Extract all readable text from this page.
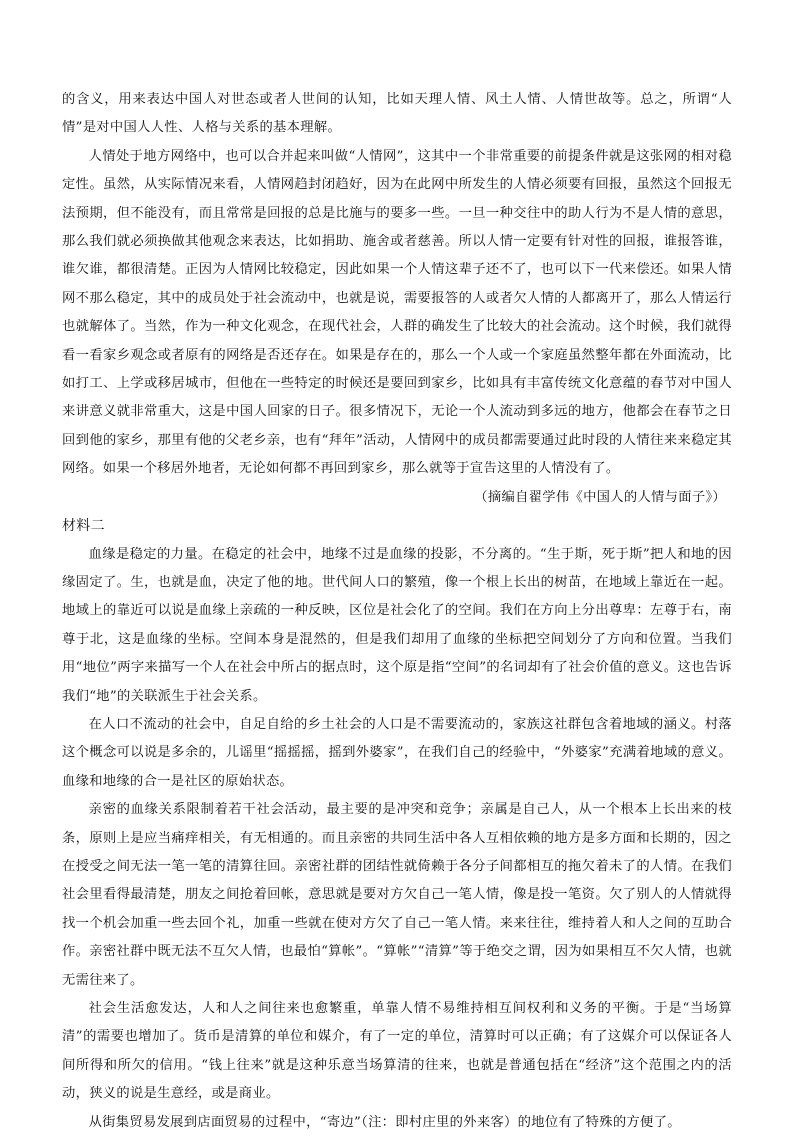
的含义，用来表达中国人对世态或者人世间的认知，比如天理人情、风土人情、人情世故等。总之，所谓“人情”是对中国人人性、人格与关系的基本理解。

人情处于地方网络中，也可以合并起来叫做“人情网”，这其中一个非常重要的前提条件就是这张网的相对稳定性。虽然，从实际情况来看，人情网趋封闭趋好，因为在此网中所发生的人情必须要有回报，虽然这个回报无法预期，但不能没有，而且常常是回报的总是比施与的要多一些。一旦一种交往中的助人行为不是人情的意思，那么我们就必须换做其他观念来表达，比如捐助、施舍或者慈善。所以人情一定要有针对性的回报，谁报答谁，谁欠谁，都很清楚。正因为人情网比较稳定，因此如果一个人情这辈子还不了，也可以下一代来偿还。如果人情网不那么稳定，其中的成员处于社会流动中，也就是说，需要报答的人或者欠人情的人都离开了，那么人情运行也就解体了。当然，作为一种文化观念，在现代社会，人群的确发生了比较大的社会流动。这个时候，我们就得看一看家乡观念或者原有的网络是否还存在。如果是存在的，那么一个人或一个家庭虽然整年都在外面流动，比如打工、上学或移居城市，但他在一些特定的时候还是要回到家乡，比如具有丰富传统文化意蕴的春节对中国人来讲意义就非常重大，这是中国人回家的日子。很多情况下，无论一个人流动到多远的地方，他都会在春节之日回到他的家乡，那里有他的父老乡亲，也有“拜年”活动，人情网中的成员都需要通过此时段的人情往来来稳定其网络。如果一个移居外地者，无论如何都不再回到家乡，那么就等于宣告这里的人情没有了。

（摘编自翟学伟《中国人的人情与面子》）

材料二

血缘是稳定的力量。在稳定的社会中，地缘不过是血缘的投影，不分离的。“生于斯，死于斯”把人和地的因缘固定了。生，也就是血，决定了他的地。世代间人口的繁殖，像一个根上长出的树苗，在地域上靠近在一起。地域上的靠近可以说是血缘上亲疏的一种反映，区位是社会化了的空间。我们在方向上分出尊卑：左尊于右，南尊于北，这是血缘的坐标。空间本身是混然的，但是我们却用了血缘的坐标把空间划分了方向和位置。当我们用“地位”两字来描写一个人在社会中所占的据点时，这个原是指“空间”的名词却有了社会价值的意义。这也告诉我们“地”的关联派生于社会关系。

在人口不流动的社会中，自足自给的乡土社会的人口是不需要流动的，家族这社群包含着地域的涵义。村落这个概念可以说是多余的，儿谣里“摇摇摇，摇到外婆家”，在我们自己的经验中，“外婆家”充满着地域的意义。血缘和地缘的合一是社区的原始状态。

亲密的血缘关系限制着若干社会活动，最主要的是冲突和竞争；亲属是自己人，从一个根本上长出来的枝条，原则上是应当痛痒相关，有无相通的。而且亲密的共同生活中各人互相依赖的地方是多方面和长期的，因之在授受之间无法一笔一笔的清算往回。亲密社群的团结性就倚赖于各分子间都相互的拖欠着未了的人情。在我们社会里看得最清楚，朋友之间抢着回帐，意思就是要对方欠自己一笔人情，像是投一笔资。欠了别人的人情就得找一个机会加重一些去回个礼，加重一些就在使对方欠了自己一笔人情。来来往往，维持着人和人之间的互助合作。亲密社群中既无法不互欠人情，也最怕“算帐”。“算帐”“清算”等于绝交之谓，因为如果相互不欠人情，也就无需往来了。

社会生活愈发达，人和人之间往来也愈繁重，单靠人情不易维持相互间权利和义务的平衡。于是“当场算清”的需要也增加了。货币是清算的单位和媒介，有了一定的单位，清算时可以正确；有了这媒介可以保证各人间所得和所欠的信用。“钱上往来”就是这种乐意当场算清的往来，也就是普通包括在“经济”这个范围之内的活动，狭义的说是生意经，或是商业。

从街集贸易发展到店面贸易的过程中，“寄边”（注：即村庄里的外来客）的地位有了特殊的方便了。
